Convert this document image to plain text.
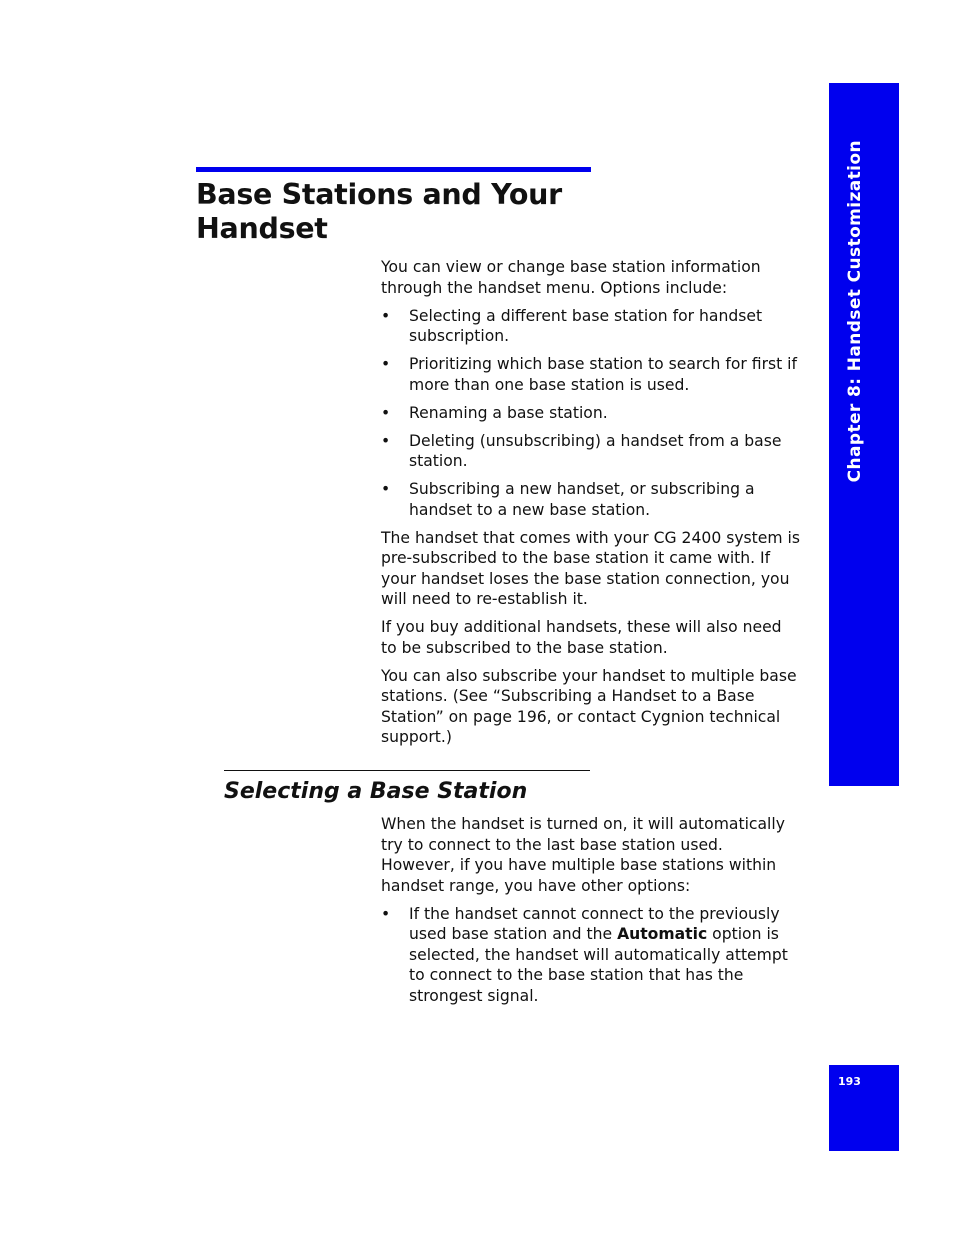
Chapter 8: Handset Customization
193
Base Stations and Your Handset

You can view or change base station information through the handset menu. Options include:

• Selecting a different base station for handset subscription.
• Prioritizing which base station to search for first if more than one base station is used.
• Renaming a base station.
• Deleting (unsubscribing) a handset from a base station.
• Subscribing a new handset, or subscribing a handset to a new base station.

The handset that comes with your CG 2400 system is pre-subscribed to the base station it came with. If your handset loses the base station connection, you will need to re-establish it.

If you buy additional handsets, these will also need to be subscribed to the base station.

You can also subscribe your handset to multiple base stations. (See “Subscribing a Handset to a Base Station” on page 196, or contact Cygnion technical support.)

Selecting a Base Station

When the handset is turned on, it will automatically try to connect to the last base station used. However, if you have multiple base stations within handset range, you have other options:

• If the handset cannot connect to the previously used base station and the Automatic option is selected, the handset will automatically attempt to connect to the base station that has the strongest signal.
